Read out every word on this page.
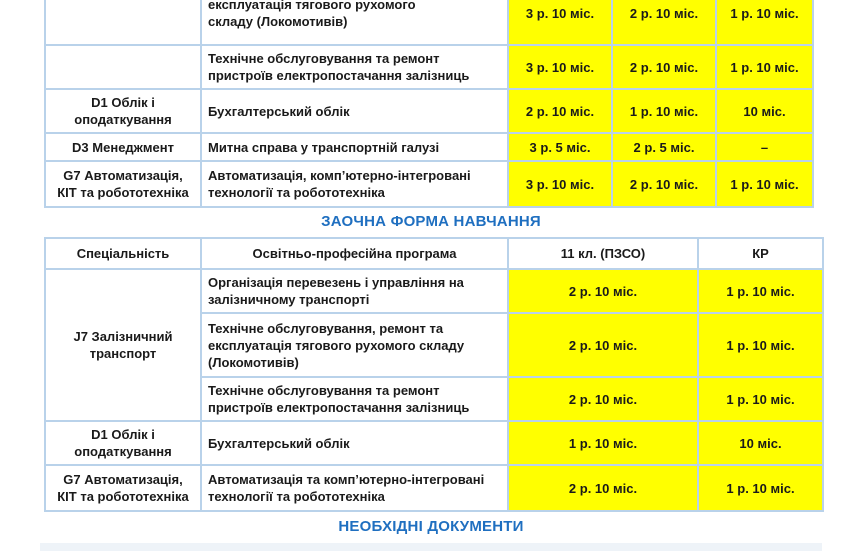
	експлуатація тягового рухомого складу (Локомотивів)	3 р. 10 міс.	2 р. 10 міс.	1 р. 10 міс.
	Технічне обслуговування та ремонт пристроїв електропостачання залізниць	3 р. 10 міс.	2 р. 10 міс.	1 р. 10 міс.
D1 Облік і оподаткування	Бухгалтерський облік	2 р. 10 міс.	1 р. 10 міс.	10 міс.
D3 Менеджмент	Митна справа у транспортній галузі	3 р. 5 міс.	2 р. 5 міс.	–
G7 Автоматизація, КІТ та робототехніка	Автоматизація, комп’ютерно-інтегровані технології та робототехніка	3 р. 10 міс.	2 р. 10 міс.	1 р. 10 міс.
ЗАОЧНА ФОРМА НАВЧАННЯ
Спеціальність	Освітньо-професійна програма	11 кл. (ПЗСО)	КР
J7 Залізничний транспорт	Організація перевезень і управління на залізничному транспорті	2 р. 10 міс.	1 р. 10 міс.
	Технічне обслуговування, ремонт та експлуатація тягового рухомого складу (Локомотивів)	2 р. 10 міс.	1 р. 10 міс.
	Технічне обслуговування та ремонт пристроїв електропостачання залізниць	2 р. 10 міс.	1 р. 10 міс.
D1 Облік і оподаткування	Бухгалтерський облік	1 р. 10 міс.	10 міс.
G7 Автоматизація, КІТ та робототехніка	Автоматизація та комп’ютерно-інтегровані технології та робототехніка	2 р. 10 міс.	1 р. 10 міс.
НЕОБХІДНІ ДОКУМЕНТИ
